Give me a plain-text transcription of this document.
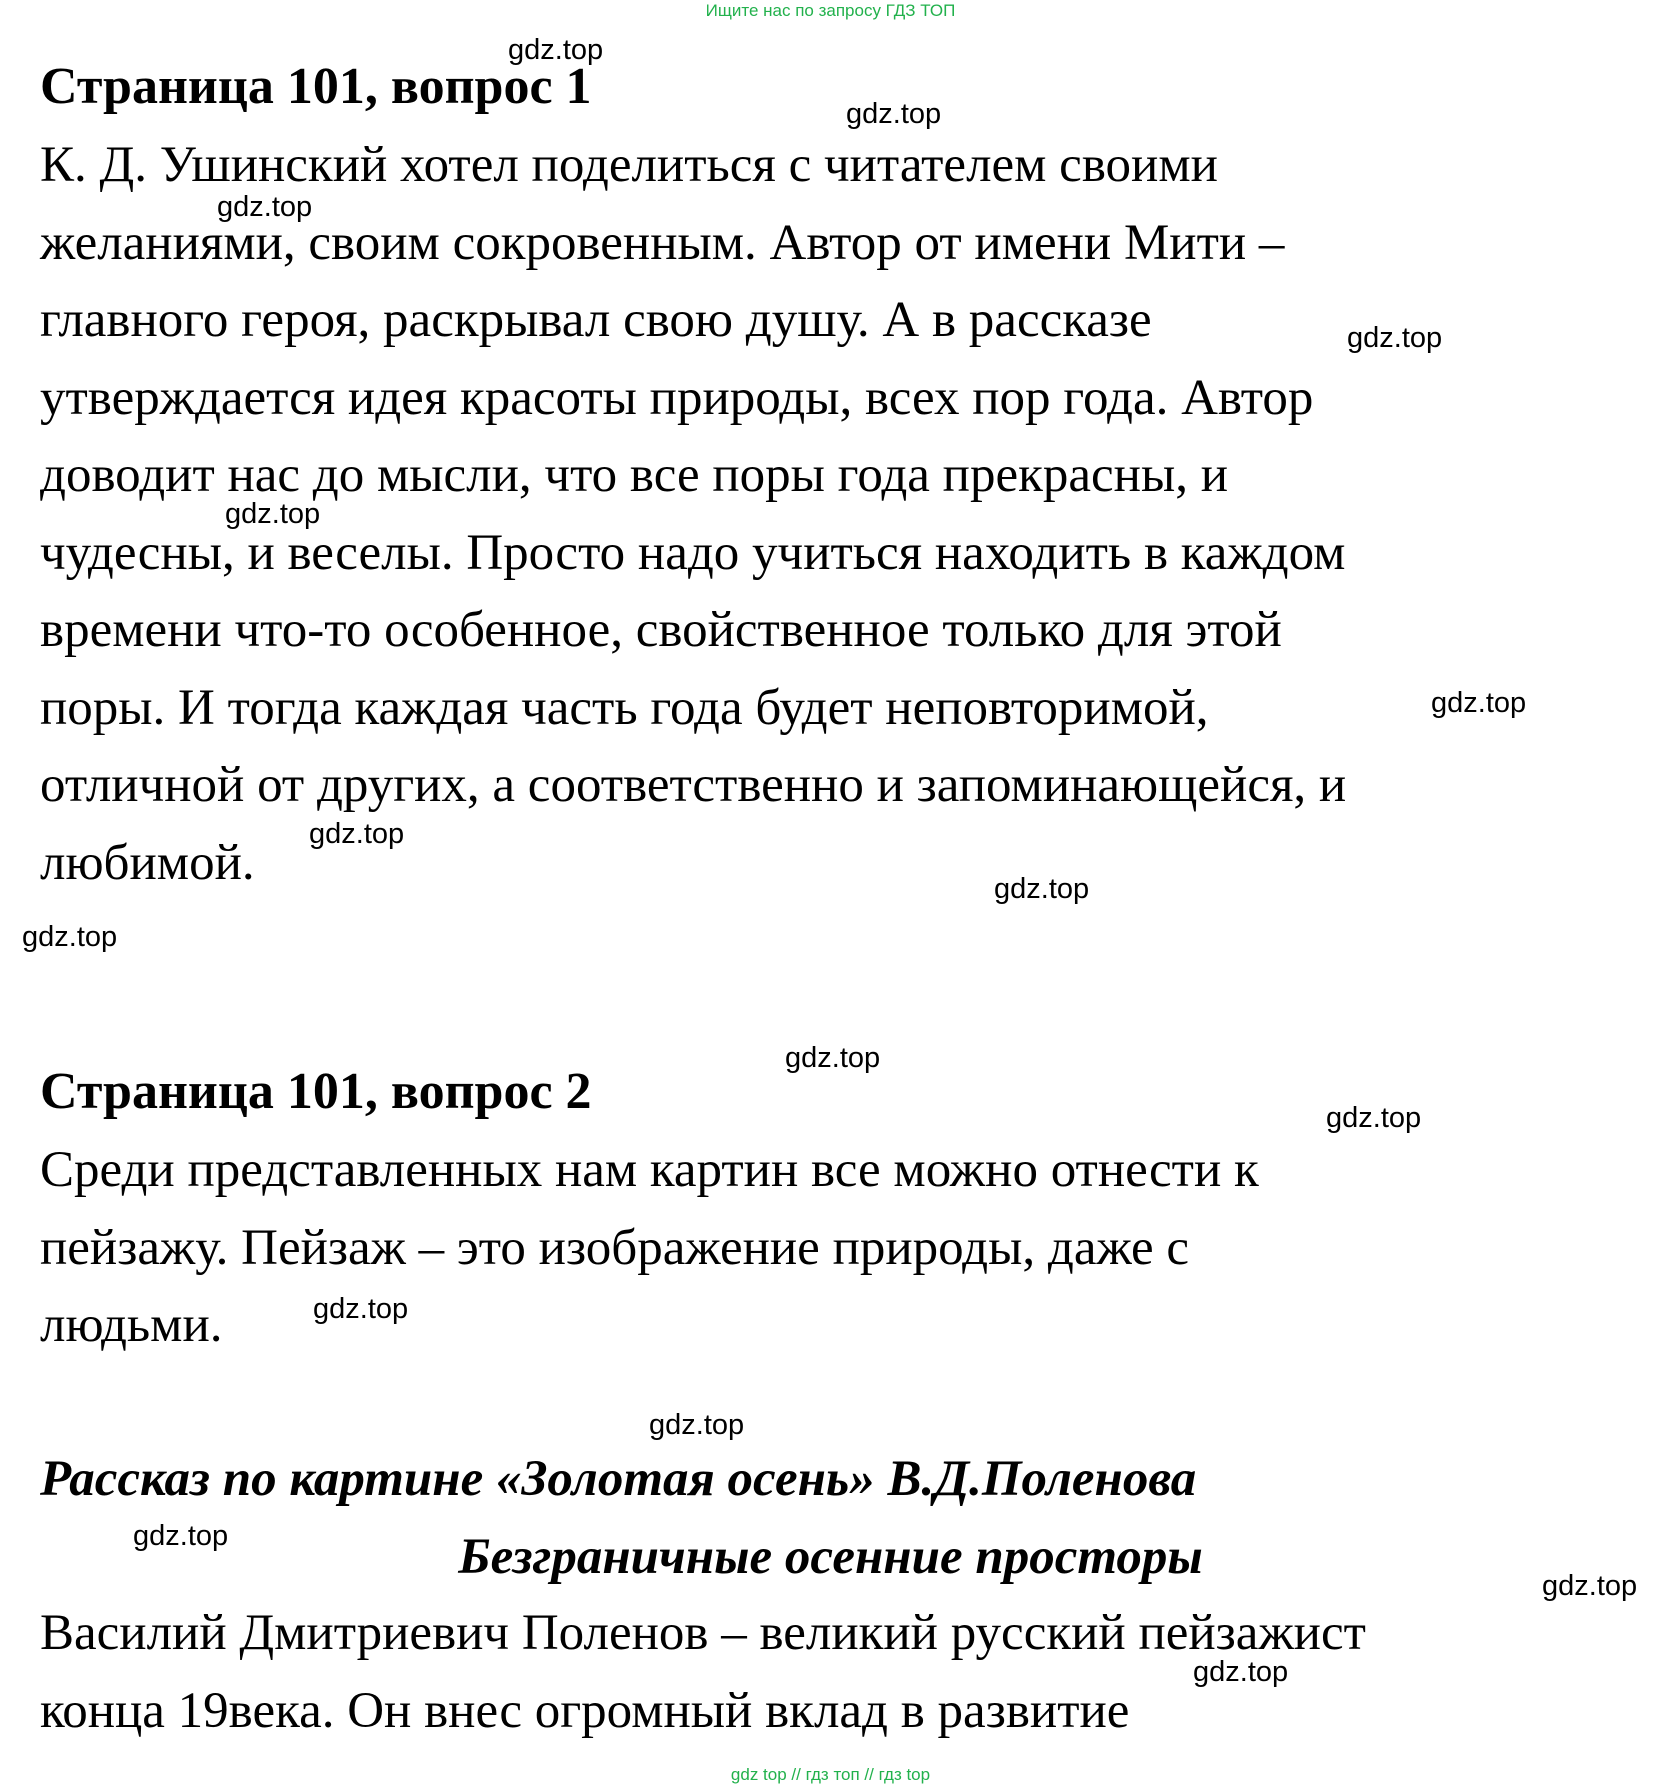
Ищите нас по запросу ГДЗ ТОП
Страница 101, вопрос 1
К. Д. Ушинский хотел поделиться с читателем своими
желаниями, своим сокровенным. Автор от имени Мити –
главного героя, раскрывал свою душу. А в рассказе
утверждается идея красоты природы, всех пор года. Автор
доводит нас до мысли, что все поры года прекрасны, и
чудесны, и веселы. Просто надо учиться находить в каждом
времени что-то особенное, свойственное только для этой
поры. И тогда каждая часть года будет неповторимой,
отличной от других, а соответственно и запоминающейся, и
любимой.
Страница 101, вопрос 2
Среди представленных нам картин все можно отнести к
пейзажу. Пейзаж – это изображение природы, даже с
людьми.
Рассказ по картине «Золотая осень» В.Д.Поленова
Безграничные осенние просторы
Василий Дмитриевич Поленов – великий русский пейзажист
конца 19века. Он внес огромный вклад в развитие
gdz.top
gdz.top
gdz.top
gdz.top
gdz.top
gdz.top
gdz.top
gdz.top
gdz.top
gdz.top
gdz.top
gdz.top
gdz.top
gdz.top
gdz.top
gdz.top
gdz top // гдз топ // гдз top
